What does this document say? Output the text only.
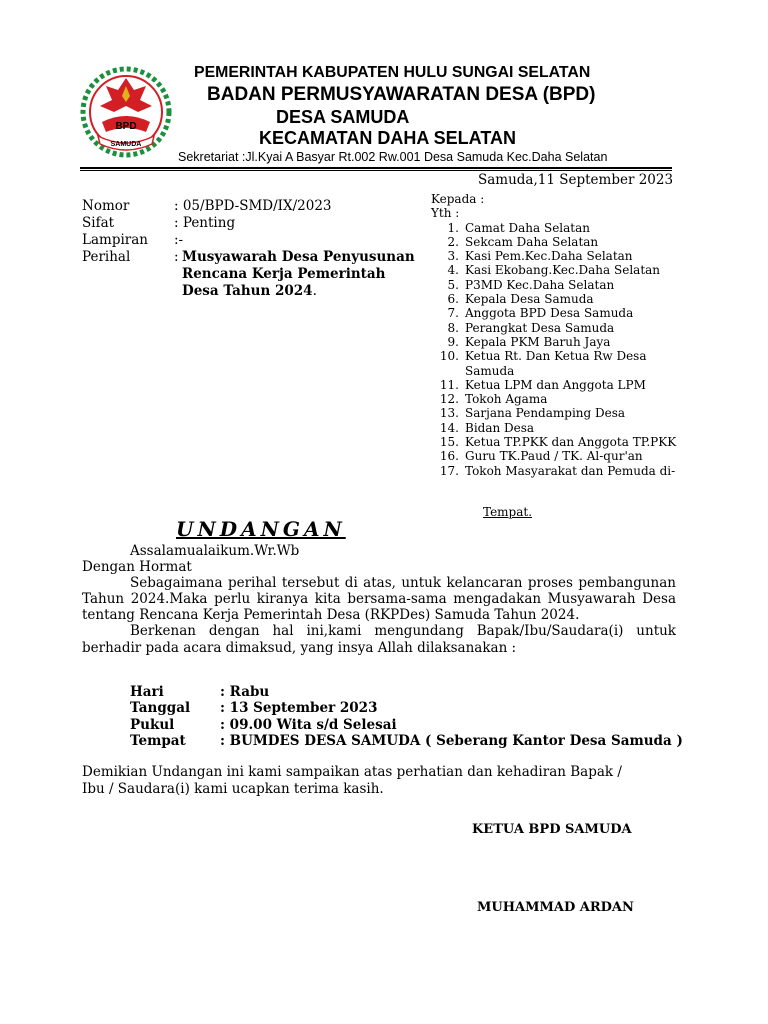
BPD
SAMUDA
PEMERINTAH KABUPATEN HULU SUNGAI SELATAN
BADAN PERMUSYAWARATAN DESA (BPD)
DESA SAMUDA
KECAMATAN DAHA SELATAN
Sekretariat :Jl.Kyai A Basyar Rt.002 Rw.001 Desa Samuda Kec.Daha Selatan
Samuda,11 September 2023
Nomor	: 05/BPD-SMD/IX/2023
Sifat	: Penting
Lampiran	:-
Perihal	: Musyawarah Desa Penyusunan
Rencana Kerja Pemerintah
Desa Tahun 2024.
Kepada :
Yth :
1. Camat Daha Selatan
2. Sekcam Daha Selatan
3. Kasi Pem.Kec.Daha Selatan
4. Kasi Ekobang.Kec.Daha Selatan
5. P3MD Kec.Daha Selatan
6. Kepala Desa Samuda
7. Anggota BPD Desa Samuda
8. Perangkat Desa Samuda
9. Kepala PKM Baruh Jaya
10. Ketua Rt. Dan Ketua Rw Desa Samuda
11. Ketua LPM dan Anggota LPM
12. Tokoh Agama
13. Sarjana Pendamping Desa
14. Bidan Desa
15. Ketua TP.PKK dan Anggota TP.PKK
16. Guru TK.Paud / TK. Al-qur'an
17. Tokoh Masyarakat dan Pemuda di-
Tempat.
UNDANGAN

Assalamualaikum.Wr.Wb

Dengan Hormat

Sebagaimana perihal tersebut di atas, untuk kelancaran proses pembangunan Tahun 2024.Maka perlu kiranya kita bersama-sama mengadakan Musyawarah Desa tentang Rencana Kerja Pemerintah Desa (RKPDes) Samuda Tahun 2024.

Berkenan dengan hal ini,kami mengundang Bapak/Ibu/Saudara(i) untuk berhadir pada acara dimaksud, yang insya Allah dilaksanakan :

Hari	: Rabu
Tanggal	: 13 September 2023
Pukul	: 09.00 Wita s/d Selesai
Tempat	: BUMDES DESA SAMUDA ( Seberang Kantor Desa Samuda )
Demikian Undangan ini kami sampaikan atas perhatian dan kehadiran Bapak /
Ibu / Saudara(i) kami ucapkan terima kasih.
KETUA BPD SAMUDA
MUHAMMAD ARDAN
